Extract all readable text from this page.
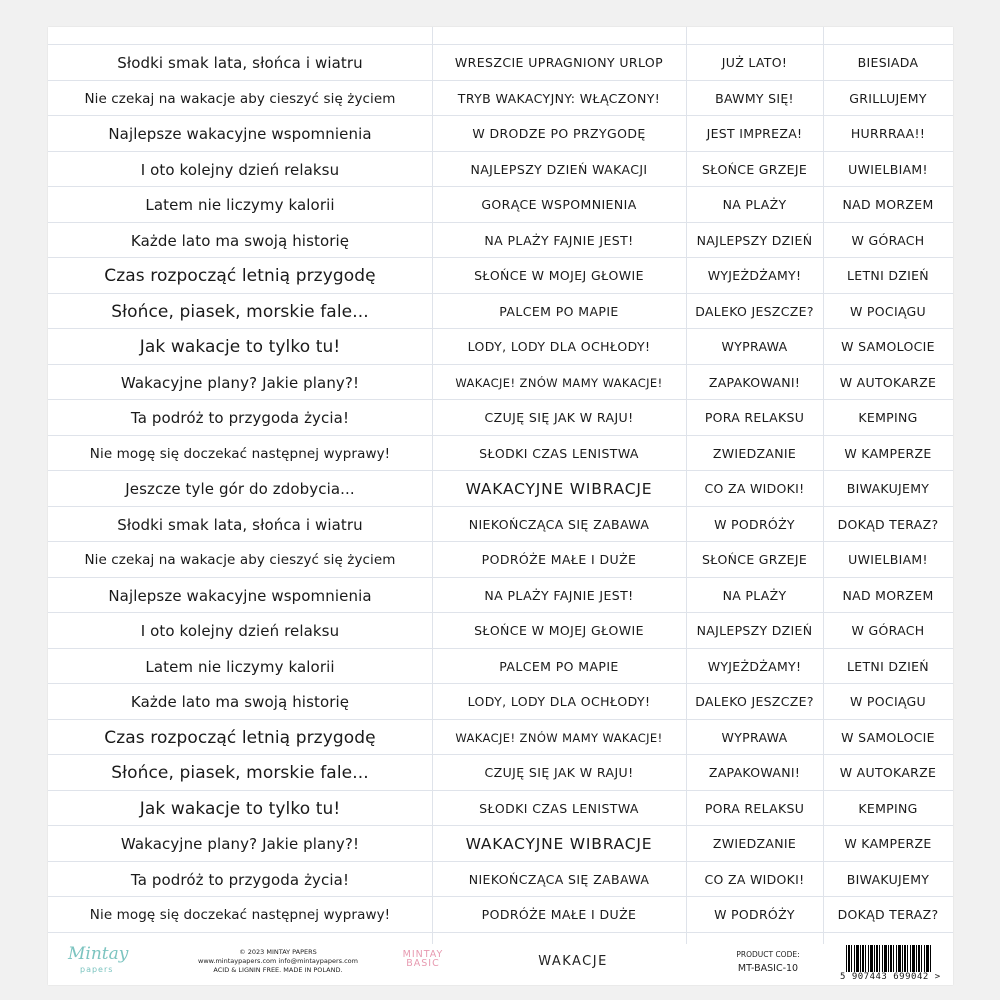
Słodki smak lata, słońca i wiatru	WRESZCIE UPRAGNIONY URLOP	JUŻ LATO!	BIESIADA
Nie czekaj na wakacje aby cieszyć się życiem	TRYB WAKACYJNY: WŁĄCZONY!	BAWMY SIĘ!	GRILLUJEMY
Najlepsze wakacyjne wspomnienia	W DRODZE PO PRZYGODĘ	JEST IMPREZA!	HURRRAA!!
I oto kolejny dzień relaksu	NAJLEPSZY DZIEŃ WAKACJI	SŁOŃCE GRZEJE	UWIELBIAM!
Latem nie liczymy kalorii	GORĄCE WSPOMNIENIA	NA PLAŻY	NAD MORZEM
Każde lato ma swoją historię	NA PLAŻY FAJNIE JEST!	NAJLEPSZY DZIEŃ	W GÓRACH
Czas rozpocząć letnią przygodę	SŁOŃCE W MOJEJ GŁOWIE	WYJEŻDŻAMY!	LETNI DZIEŃ
Słońce, piasek, morskie fale...	PALCEM PO MAPIE	DALEKO JESZCZE?	W POCIĄGU
Jak wakacje to tylko tu!	LODY, LODY DLA OCHŁODY!	WYPRAWA	W SAMOLOCIE
Wakacyjne plany? Jakie plany?!	WAKACJE! ZNÓW MAMY WAKACJE!	ZAPAKOWANI!	W AUTOKARZE
Ta podróż to przygoda życia!	CZUJĘ SIĘ JAK W RAJU!	PORA RELAKSU	KEMPING
Nie mogę się doczekać następnej wyprawy!	SŁODKI CZAS LENISTWA	ZWIEDZANIE	W KAMPERZE
Jeszcze tyle gór do zdobycia...	WAKACYJNE WIBRACJE	CO ZA WIDOKI!	BIWAKUJEMY
Słodki smak lata, słońca i wiatru	NIEKOŃCZĄCA SIĘ ZABAWA	W PODRÓŻY	DOKĄD TERAZ?
Nie czekaj na wakacje aby cieszyć się życiem	PODRÓŻE MAŁE I DUŻE	SŁOŃCE GRZEJE	UWIELBIAM!
Najlepsze wakacyjne wspomnienia	NA PLAŻY FAJNIE JEST!	NA PLAŻY	NAD MORZEM
I oto kolejny dzień relaksu	SŁOŃCE W MOJEJ GŁOWIE	NAJLEPSZY DZIEŃ	W GÓRACH
Latem nie liczymy kalorii	PALCEM PO MAPIE	WYJEŻDŻAMY!	LETNI DZIEŃ
Każde lato ma swoją historię	LODY, LODY DLA OCHŁODY!	DALEKO JESZCZE?	W POCIĄGU
Czas rozpocząć letnią przygodę	WAKACJE! ZNÓW MAMY WAKACJE!	WYPRAWA	W SAMOLOCIE
Słońce, piasek, morskie fale...	CZUJĘ SIĘ JAK W RAJU!	ZAPAKOWANI!	W AUTOKARZE
Jak wakacje to tylko tu!	SŁODKI CZAS LENISTWA	PORA RELAKSU	KEMPING
Wakacyjne plany? Jakie plany?!	WAKACYJNE WIBRACJE	ZWIEDZANIE	W KAMPERZE
Ta podróż to przygoda życia!	NIEKOŃCZĄCA SIĘ ZABAWA	CO ZA WIDOKI!	BIWAKUJEMY
Nie mogę się doczekać następnej wyprawy!	PODRÓŻE MAŁE I DUŻE	W PODRÓŻY	DOKĄD TERAZ?
Mintay
papers
© 2023 MINTAY PAPERS
www.mintaypapers.com info@mintaypapers.com
ACID & LIGNIN FREE. MADE IN POLAND.
MINTAY
BASIC	WAKACJE	PRODUCT CODE:
MT-BASIC-10
5 907443 699042 >
